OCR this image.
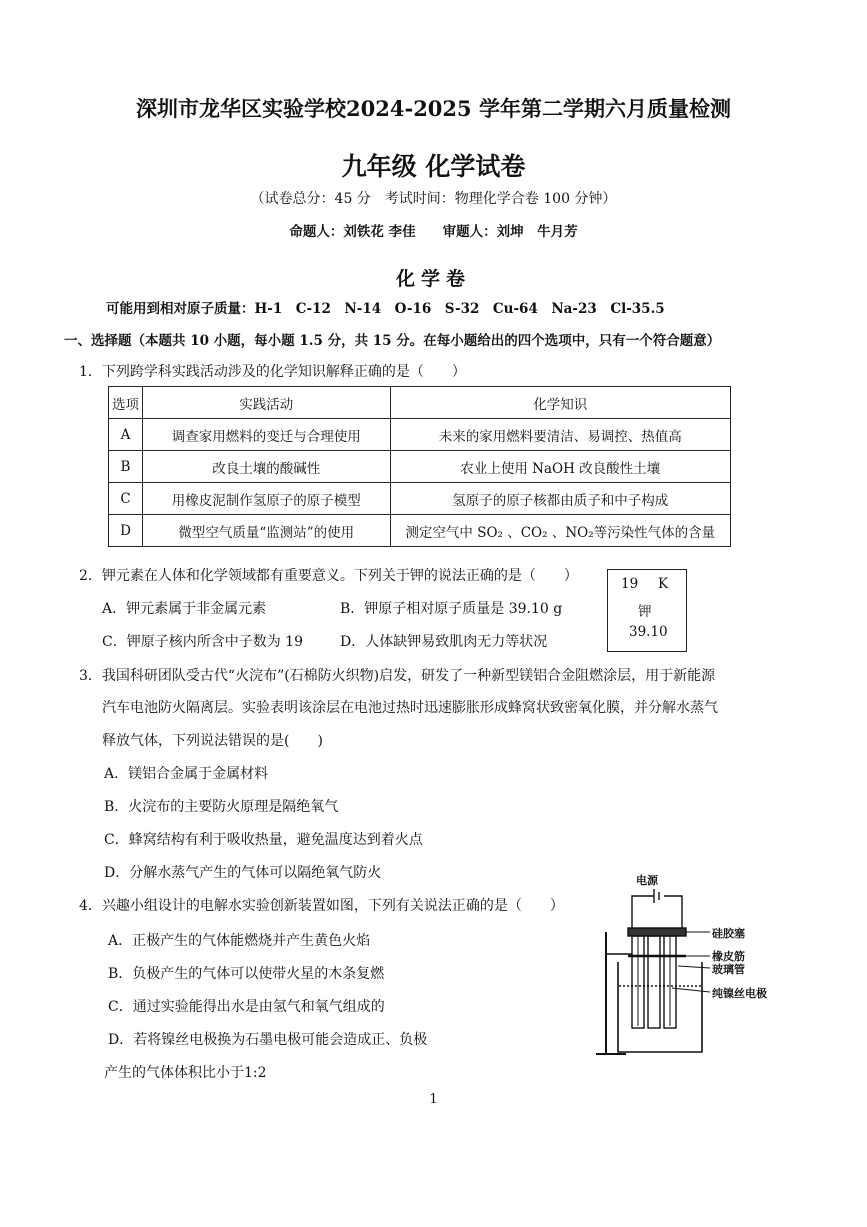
深圳市龙华区实验学校2024-2025 学年第二学期六月质量检测
九年级 化学试卷
（试卷总分：45 分　考试时间：物理化学合卷 100 分钟）
命题人：刘铁花 李佳　　审题人：刘坤　牛月芳
化学卷
可能用到相对原子质量：H-1　C-12　N-14　O-16　S-32　Cu-64　Na-23　Cl-35.5
一、选择题（本题共 10 小题，每小题 1.5 分，共 15 分。在每小题给出的四个选项中，只有一个符合题意）
1．下列跨学科实践活动涉及的化学知识解释正确的是（　　）
选项	实践活动	化学知识
A	调查家用燃料的变迁与合理使用	未来的家用燃料要清洁、易调控、热值高
B	改良土壤的酸碱性	农业上使用 NaOH 改良酸性土壤
C	用橡皮泥制作氢原子的原子模型	氢原子的原子核都由质子和中子构成
D	微型空气质量“监测站”的使用	测定空气中 SO₂ 、CO₂ 、NO₂等污染性气体的含量
2．钾元素在人体和化学领域都有重要意义。下列关于钾的说法正确的是（　　）
A．钾元素属于非金属元素	B．钾原子相对原子质量是 39.10 g
C．钾原子核内所含中子数为 19	D．人体缺钾易致肌肉无力等状况
19 K
钾
39.10
3．我国科研团队受古代“火浣布”(石棉防火织物)启发，研发了一种新型镁铝合金阻燃涂层，用于新能源
汽车电池防火隔离层。实验表明该涂层在电池过热时迅速膨胀形成蜂窝状致密氧化膜，并分解水蒸气
释放气体，下列说法错误的是(　　)
A．镁铝合金属于金属材料
B．火浣布的主要防火原理是隔绝氧气
C．蜂窝结构有利于吸收热量，避免温度达到着火点
D．分解水蒸气产生的气体可以隔绝氧气防火
4．兴趣小组设计的电解水实验创新装置如图，下列有关说法正确的是（　　）
A．正极产生的气体能燃烧并产生黄色火焰
B．负极产生的气体可以使带火星的木条复燃
C．通过实验能得出水是由氢气和氧气组成的
D．若将镍丝电极换为石墨电极可能会造成正、负极
产生的气体体积比小于1:2
电源
硅胶塞
橡皮筋
玻璃管
纯镍丝电极
1
